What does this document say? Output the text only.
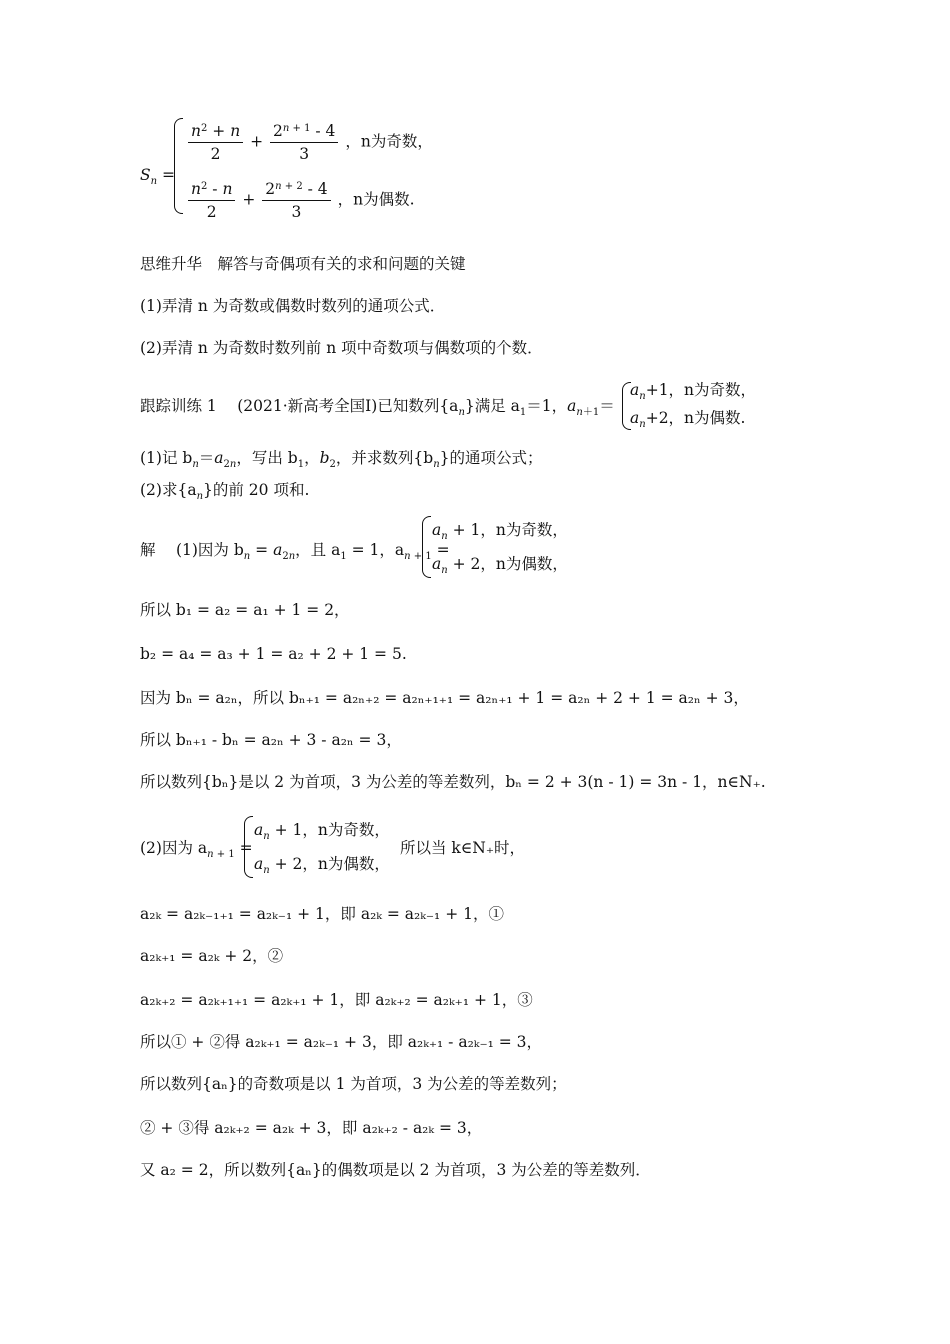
$S_n$ =
$\frac{n^2 + n}{2} + \frac{2^{n + 1} - 4}{3}$ ，n为奇数，
$\frac{n^2 - n}{2} + \frac{2^{n + 2} - 4}{3}$ ，n为偶数.
思维升华　解答与奇偶项有关的求和问题的关键
(1)弄清 n 为奇数或偶数时数列的通项公式．
(2)弄清 n 为奇数时数列前 n 项中奇数项与偶数项的个数．
跟踪训练 1　 (2021·新高考全国Ⅰ)已知数列$\{a_n\}$满足 $a_1=1$，$a_{n+1}=$
$a_n+1$，n为奇数，
$a_n+2$，n为偶数.
(1)记 $b_n=a_{2n}$，写出 $b_1$，$b_2$，并求数列$\{b_n\}$的通项公式；
(2)求$\{a_n\}$的前 20 项和.
解　 (1)因为 $b_n = a_{2n}$，且 $a_1 = 1$，$a_{n + 1}$ =
$a_n + 1$，n为奇数，
$a_n + 2$，n为偶数，
所以 b₁ = a₂ = a₁ + 1 = 2，
b₂ = a₄ = a₃ + 1 = a₂ + 2 + 1 = 5.
因为 bₙ = a₂ₙ，所以 bₙ₊₁ = a₂ₙ₊₂ = a₂ₙ₊₁₊₁ = a₂ₙ₊₁ + 1 = a₂ₙ + 2 + 1 = a₂ₙ + 3，
所以 bₙ₊₁ - bₙ = a₂ₙ + 3 - a₂ₙ = 3，
所以数列{bₙ}是以 2 为首项，3 为公差的等差数列，bₙ = 2 + 3(n - 1) = 3n - 1，n∈N₊.
(2)因为 $a_{n + 1}$ =
$a_n + 1$，n为奇数，
$a_n + 2$，n为偶数，
所以当 k∈N₊时，
a₂ₖ = a₂ₖ₋₁₊₁ = a₂ₖ₋₁ + 1，即 a₂ₖ = a₂ₖ₋₁ + 1，①
a₂ₖ₊₁ = a₂ₖ + 2，②
a₂ₖ₊₂ = a₂ₖ₊₁₊₁ = a₂ₖ₊₁ + 1，即 a₂ₖ₊₂ = a₂ₖ₊₁ + 1，③
所以① + ②得 a₂ₖ₊₁ = a₂ₖ₋₁ + 3，即 a₂ₖ₊₁ - a₂ₖ₋₁ = 3，
所以数列{aₙ}的奇数项是以 1 为首项，3 为公差的等差数列；
② + ③得 a₂ₖ₊₂ = a₂ₖ + 3，即 a₂ₖ₊₂ - a₂ₖ = 3，
又 a₂ = 2，所以数列{aₙ}的偶数项是以 2 为首项，3 为公差的等差数列．
